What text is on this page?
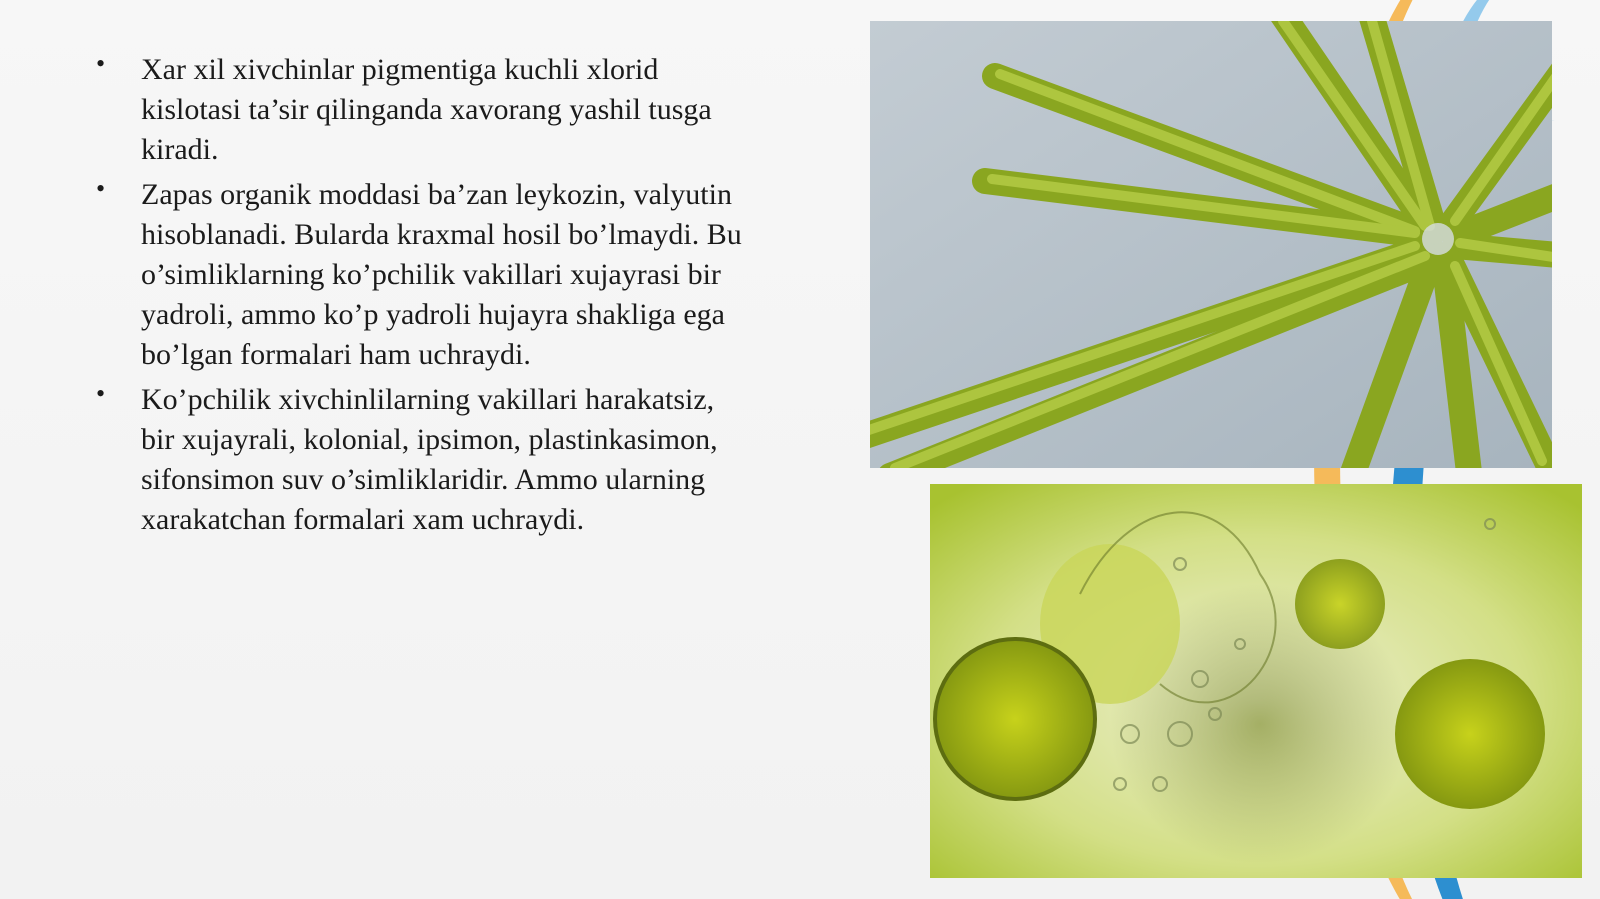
• Xar xil xivchinlar pigmentiga kuchli xlorid kislotasi ta’sir qilinganda xavorang yashil tusga kiradi.
• Zapas organik moddasi ba’zan leykozin, valyutin hisoblanadi. Bularda kraxmal hosil bo’lmaydi. Bu o’simliklarning ko’pchilik vakillari xujayrasi bir yadroli, ammo ko’p yadroli hujayra shakliga ega bo’lgan formalari ham uchraydi.
• Ko’pchilik xivchinlilarning vakillari harakatsiz, bir xujayrali, kolonial, ipsimon, plastinkasimon, sifonsimon suv o’simliklaridir. Ammo ularning xarakatchan formalari xam uchraydi.
